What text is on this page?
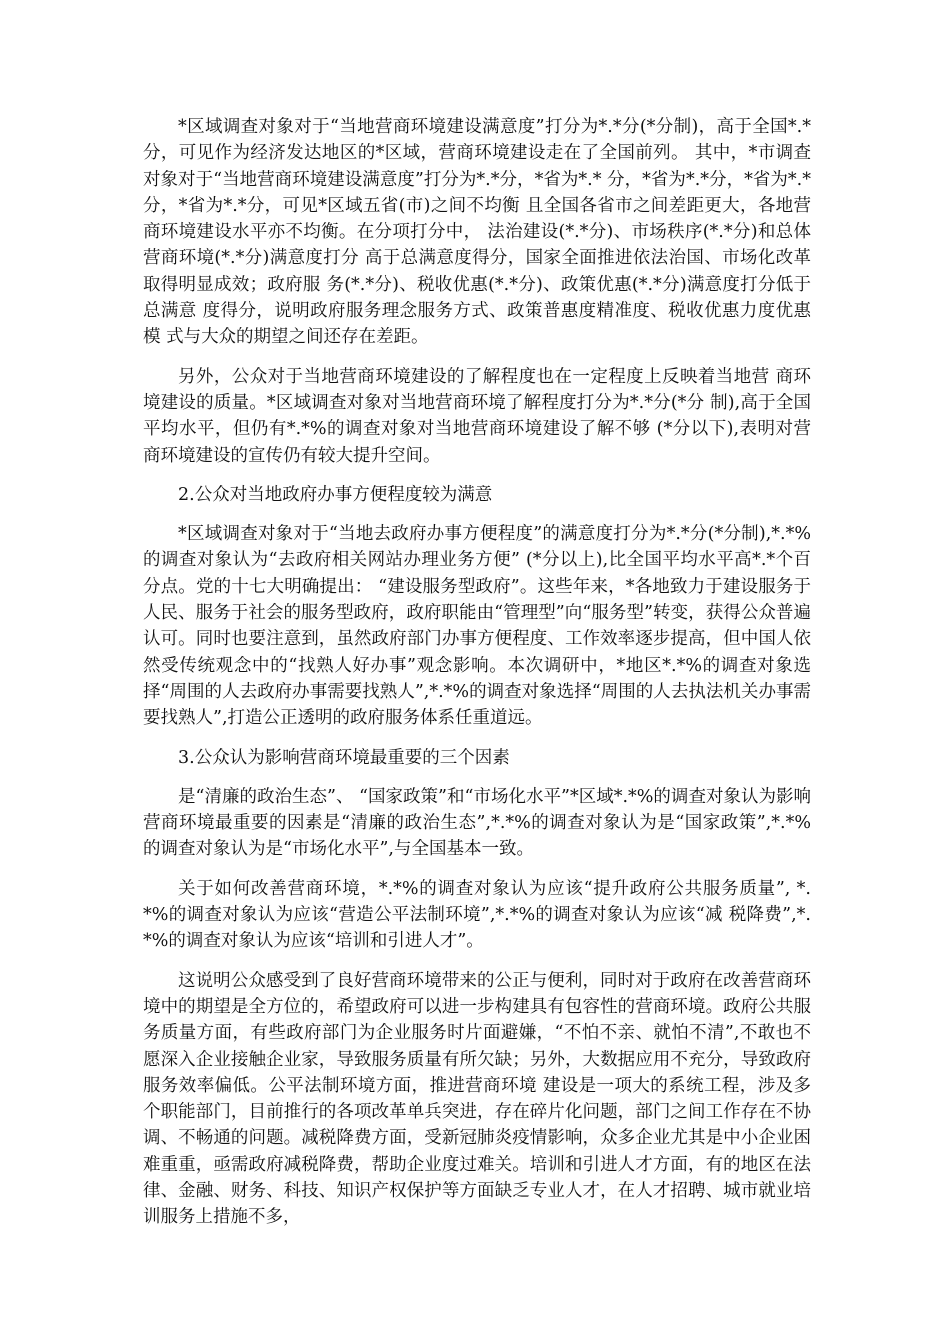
*区域调查对象对于“当地营商环境建设满意度”打分为*.*分(*分制)，高于全国*.*分，可见作为经济发达地区的*区域，营商环境建设走在了全国前列。 其中，*市调查对象对于“当地营商环境建设满意度”打分为*.*分，*省为*.* 分，*省为*.*分，*省为*.*分，*省为*.*分，可见*区域五省(市)之间不均衡 且全国各省市之间差距更大，各地营商环境建设水平亦不均衡。在分项打分中， 法治建设(*.*分)、市场秩序(*.*分)和总体营商环境(*.*分)满意度打分 高于总满意度得分，国家全面推进依法治国、市场化改革取得明显成效；政府服 务(*.*分)、税收优惠(*.*分)、政策优惠(*.*分)满意度打分低于总满意 度得分，说明政府服务理念服务方式、政策普惠度精准度、税收优惠力度优惠模 式与大众的期望之间还存在差距。

另外，公众对于当地营商环境建设的了解程度也在一定程度上反映着当地营 商环境建设的质量。*区域调查对象对当地营商环境了解程度打分为*.*分(*分 制),高于全国平均水平，但仍有*.*%的调查对象对当地营商环境建设了解不够 (*分以下),表明对营商环境建设的宣传仍有较大提升空间。

2.公众对当地政府办事方便程度较为满意

*区域调查对象对于“当地去政府办事方便程度”的满意度打分为*.*分(*分制),*.*%的调查对象认为“去政府相关网站办理业务方便” (*分以上),比全国平均水平高*.*个百分点。党的十七大明确提出： “建设服务型政府”。这些年来，*各地致力于建设服务于人民、服务于社会的服务型政府，政府职能由“管理型”向“服务型”转变，获得公众普遍认可。同时也要注意到，虽然政府部门办事方便程度、工作效率逐步提高，但中国人依然受传统观念中的“找熟人好办事”观念影响。本次调研中，*地区*.*%的调查对象选择“周围的人去政府办事需要找熟人”,*.*%的调查对象选择“周围的人去执法机关办事需要找熟人”,打造公正透明的政府服务体系任重道远。

3.公众认为影响营商环境最重要的三个因素

是“清廉的政治生态”、 “国家政策”和“市场化水平”*区域*.*%的调查对象认为影响营商环境最重要的因素是“清廉的政治生态”,*.*%的调查对象认为是“国家政策”,*.*%的调查对象认为是“市场化水平”,与全国基本一致。

关于如何改善营商环境，*.*%的调查对象认为应该“提升政府公共服务质量”, *.*%的调查对象认为应该“营造公平法制环境”,*.*%的调查对象认为应该“减 税降费”,*.*%的调查对象认为应该“培训和引进人才”。

这说明公众感受到了良好营商环境带来的公正与便利，同时对于政府在改善营商环境中的期望是全方位的，希望政府可以进一步构建具有包容性的营商环境。政府公共服务质量方面，有些政府部门为企业服务时片面避嫌，“不怕不亲、就怕不清”,不敢也不愿深入企业接触企业家，导致服务质量有所欠缺；另外，大数据应用不充分，导致政府服务效率偏低。公平法制环境方面，推进营商环境 建设是一项大的系统工程，涉及多个职能部门，目前推行的各项改革单兵突进，存在碎片化问题，部门之间工作存在不协调、不畅通的问题。减税降费方面，受新冠肺炎疫情影响，众多企业尤其是中小企业困难重重，亟需政府减税降费，帮助企业度过难关。培训和引进人才方面，有的地区在法律、金融、财务、科技、知识产权保护等方面缺乏专业人才，在人才招聘、城市就业培训服务上措施不多，
